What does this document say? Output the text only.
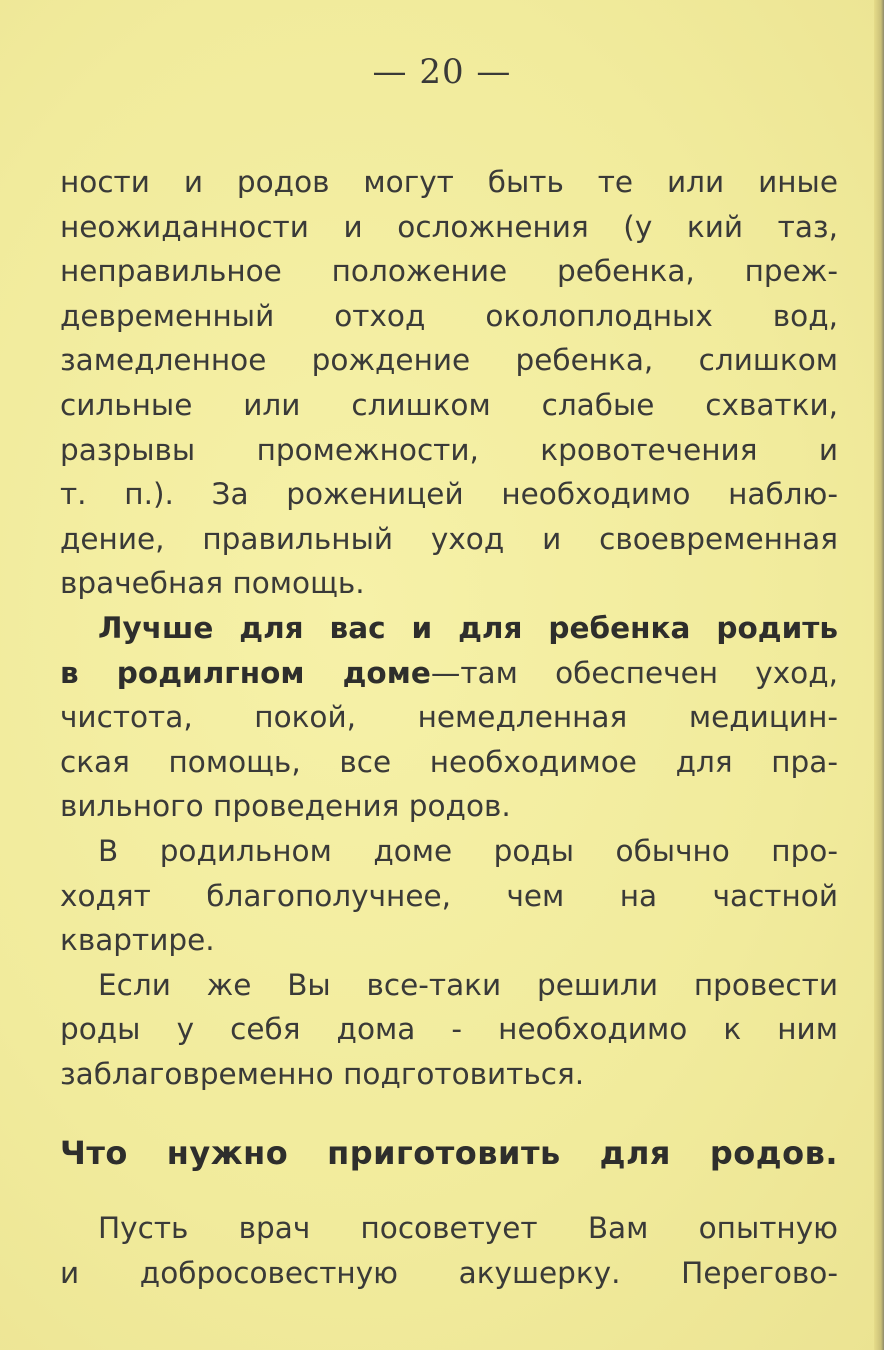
— 20 —
ности и родов могут быть те или иные
неожиданности и осложнения (у кий таз,
неправильное положение ребенка, преж-
девременный отход околоплодных вод,
замедленное рождение ребенка, слишком
сильные или слишком слабые схватки,
разрывы промежности, кровотечения и
т. п.). За роженицей необходимо наблю-
дение, правильный уход и своевременная
врачебная помощь.
Лучше для вас и для ребенка родить
в родилгном доме—там обеспечен уход,
чистота, покой, немедленная медицин-
ская помощь, все необходимое для пра-
вильного проведения родов.
В родильном доме роды обычно про-
ходят благополучнее, чем на частной
квартире.
Если же Вы все-таки решили провести
роды у себя дома - необходимо к ним
заблаговременно подготовиться.
Что нужно приготовить для родов.
Пусть врач посоветует Вам опытную
и добросовестную акушерку. Перегово-
